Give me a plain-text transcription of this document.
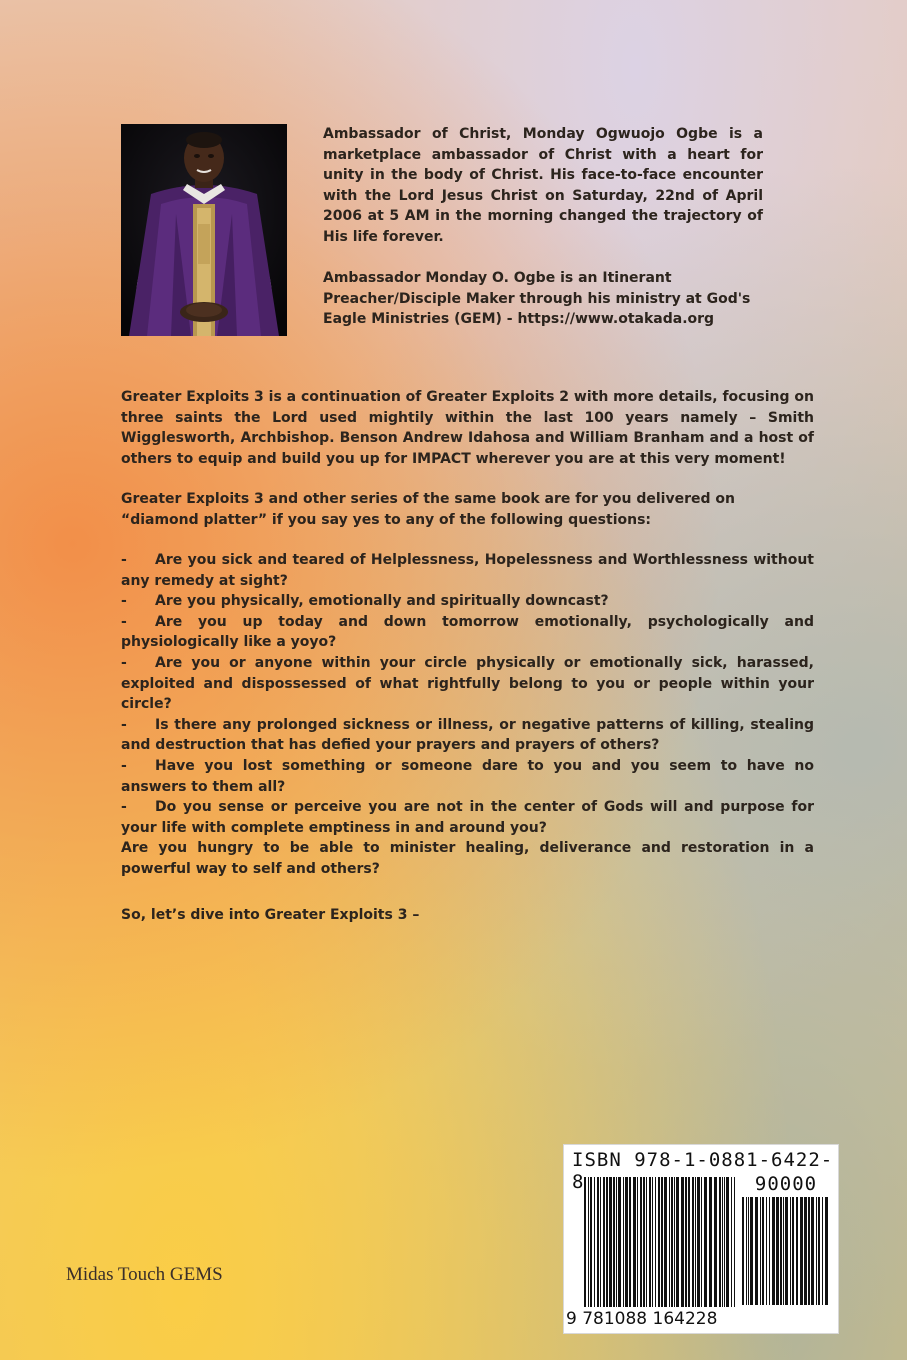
Ambassador of Christ, Monday Ogwuojo Ogbe is a marketplace ambassador of Christ with a heart for unity in the body of Christ. His face-to-face encounter with the Lord Jesus Christ on Saturday, 22nd of April 2006 at 5 AM in the morning changed the trajectory of His life forever.

Ambassador Monday O. Ogbe is an Itinerant
Preacher/Disciple Maker through his ministry at God's
Eagle Ministries (GEM) - https://www.otakada.org

Greater Exploits 3 is a continuation of Greater Exploits 2 with more details, focusing on three saints the Lord used mightily within the last 100 years namely – Smith Wigglesworth, Archbishop. Benson Andrew Idahosa and William Branham and a host of others to equip and build you up for IMPACT wherever you are at this very moment!

Greater Exploits 3 and other series of the same book are for you delivered on “diamond platter” if you say yes to any of the following questions:

- Are you sick and teared of Helplessness, Hopelessness and Worthlessness without any remedy at sight?
- Are you physically, emotionally and spiritually downcast?
- Are you up today and down tomorrow emotionally, psychologically and physiologically like a yoyo?
- Are you or anyone within your circle physically or emotionally sick, harassed, exploited and dispossessed of what rightfully belong to you or people within your circle?
- Is there any prolonged sickness or illness, or negative patterns of killing, stealing and destruction that has defied your prayers and prayers of others?
- Have you lost something or someone dare to you and you seem to have no answers to them all?
- Do you sense or perceive you are not in the center of Gods will and purpose for your life with complete emptiness in and around you?
Are you hungry to be able to minister healing, deliverance and restoration in a powerful way to self and others?

So, let’s dive into Greater Exploits 3 –

Midas Touch GEMS
ISBN 978-1-0881-6422-8	90000
9 781088 164228
